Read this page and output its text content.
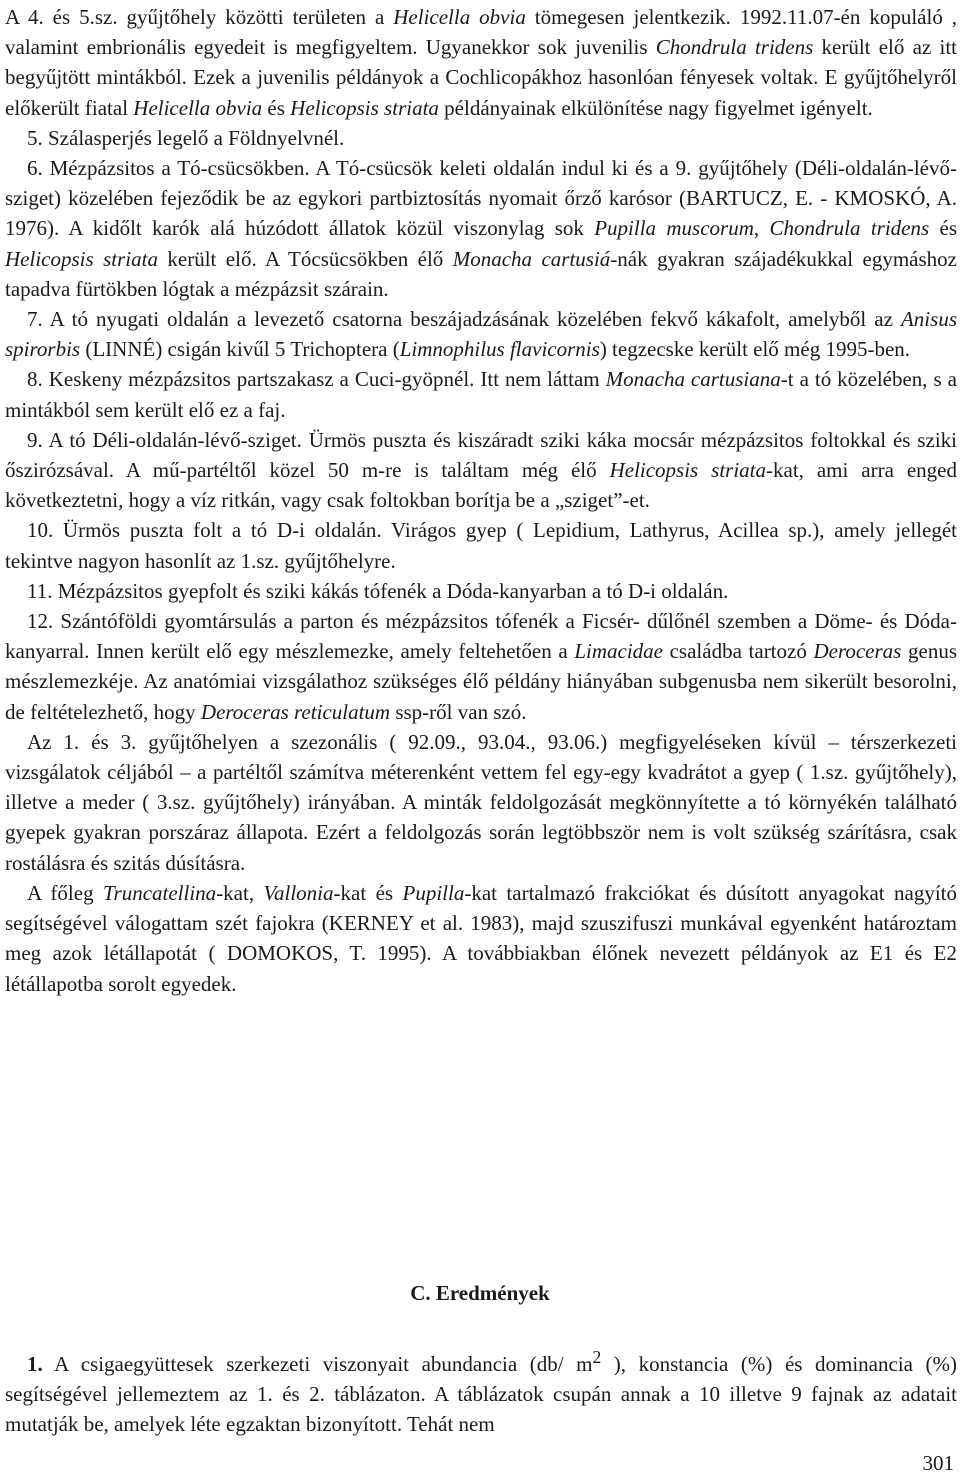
A 4. és 5.sz. gyűjtőhely közötti területen a Helicella obvia tömegesen jelentkezik. 1992.11.07-én kopuláló , valamint embrionális egyedeit is megfigyeltem. Ugyanekkor sok juvenilis Chondrula tridens került elő az itt begyűjtött mintákból. Ezek a juvenilis példányok a Cochlicopákhoz hasonlóan fényesek voltak. E gyűjtőhelyről előkerült fiatal Helicella obvia és Helicopsis striata példányainak elkülönítése nagy figyelmet igényelt.

5. Szálasperjés legelő a Földnyelvnél.

6. Mézpázsitos a Tó-csücsökben. A Tó-csücsök keleti oldalán indul ki és a 9. gyűjtőhely (Déli-oldalán-lévő-sziget) közelében fejeződik be az egykori partbiztosítás nyomait őrző karósor (BARTUCZ, E. - KMOSKÓ, A. 1976). A kidőlt karók alá húzódott állatok közül viszonylag sok Pupilla muscorum, Chondrula tridens és Helicopsis striata került elő. A Tócsücsökben élő Monacha cartusiá-nák gyakran szájadékukkal egymáshoz tapadva fürtökben lógtak a mézpázsit szárain.

7. A tó nyugati oldalán a levezető csatorna beszájadzásának közelében fekvő kákafolt, amelyből az Anisus spirorbis (LINNÉ) csigán kivűl 5 Trichoptera (Limnophilus flavicornis) tegzecske került elő még 1995-ben.

8. Keskeny mézpázsitos partszakasz a Cuci-gyöpnél. Itt nem láttam Monacha cartusiana-t a tó közelében, s a mintákból sem került elő ez a faj.

9. A tó Déli-oldalán-lévő-sziget. Ürmös puszta és kiszáradt sziki káka mocsár mézpázsitos foltokkal és sziki őszirózsával. A mű-partéltől közel 50 m-re is találtam még élő Helicopsis striata-kat, ami arra enged következtetni, hogy a víz ritkán, vagy csak foltokban borítja be a „sziget”-et.

10. Ürmös puszta folt a tó D-i oldalán. Virágos gyep ( Lepidium, Lathyrus, Acillea sp.), amely jellegét tekintve nagyon hasonlít az 1.sz. gyűjtőhelyre.

11. Mézpázsitos gyepfolt és sziki kákás tófenék a Dóda-kanyarban a tó D-i oldalán.

12. Szántóföldi gyomtársulás a parton és mézpázsitos tófenék a Ficsér- dűlőnél szemben a Döme- és Dóda-kanyarral. Innen került elő egy mészlemezke, amely feltehetően a Limacidae családba tartozó Deroceras genus mészlemezkéje. Az anatómiai vizsgálathoz szükséges élő példány hiányában subgenusba nem sikerült besorolni, de feltételezhető, hogy Deroceras reticulatum ssp-ről van szó.

Az 1. és 3. gyűjtőhelyen a szezonális ( 92.09., 93.04., 93.06.) megfigyeléseken kívül – térszerkezeti vizsgálatok céljából – a partéltől számítva méterenként vettem fel egy-egy kvadrátot a gyep ( 1.sz. gyűjtőhely), illetve a meder ( 3.sz. gyűjtőhely) irányában. A minták feldolgozását megkönnyítette a tó környékén található gyepek gyakran porszáraz állapota. Ezért a feldolgozás során legtöbbször nem is volt szükség szárításra, csak rostálásra és szitás dúsításra.

A főleg Truncatellina-kat, Vallonia-kat és Pupilla-kat tartalmazó frakciókat és dúsított anyagokat nagyító segítségével válogattam szét fajokra (KERNEY et al. 1983), majd szuszifuszi munkával egyenként határoztam meg azok létállapotát ( DOMOKOS, T. 1995). A továbbiakban élőnek nevezett példányok az E1 és E2 létállapotba sorolt egyedek.

C. Eredmények

1. A csigaegyüttesek szerkezeti viszonyait abundancia (db/ $m^2$ ), konstancia (%) és dominancia (%) segítségével jellemeztem az 1. és 2. táblázaton. A táblázatok csupán annak a 10 illetve 9 fajnak az adatait mutatják be, amelyek léte egzaktan bizonyított. Tehát nem

301
